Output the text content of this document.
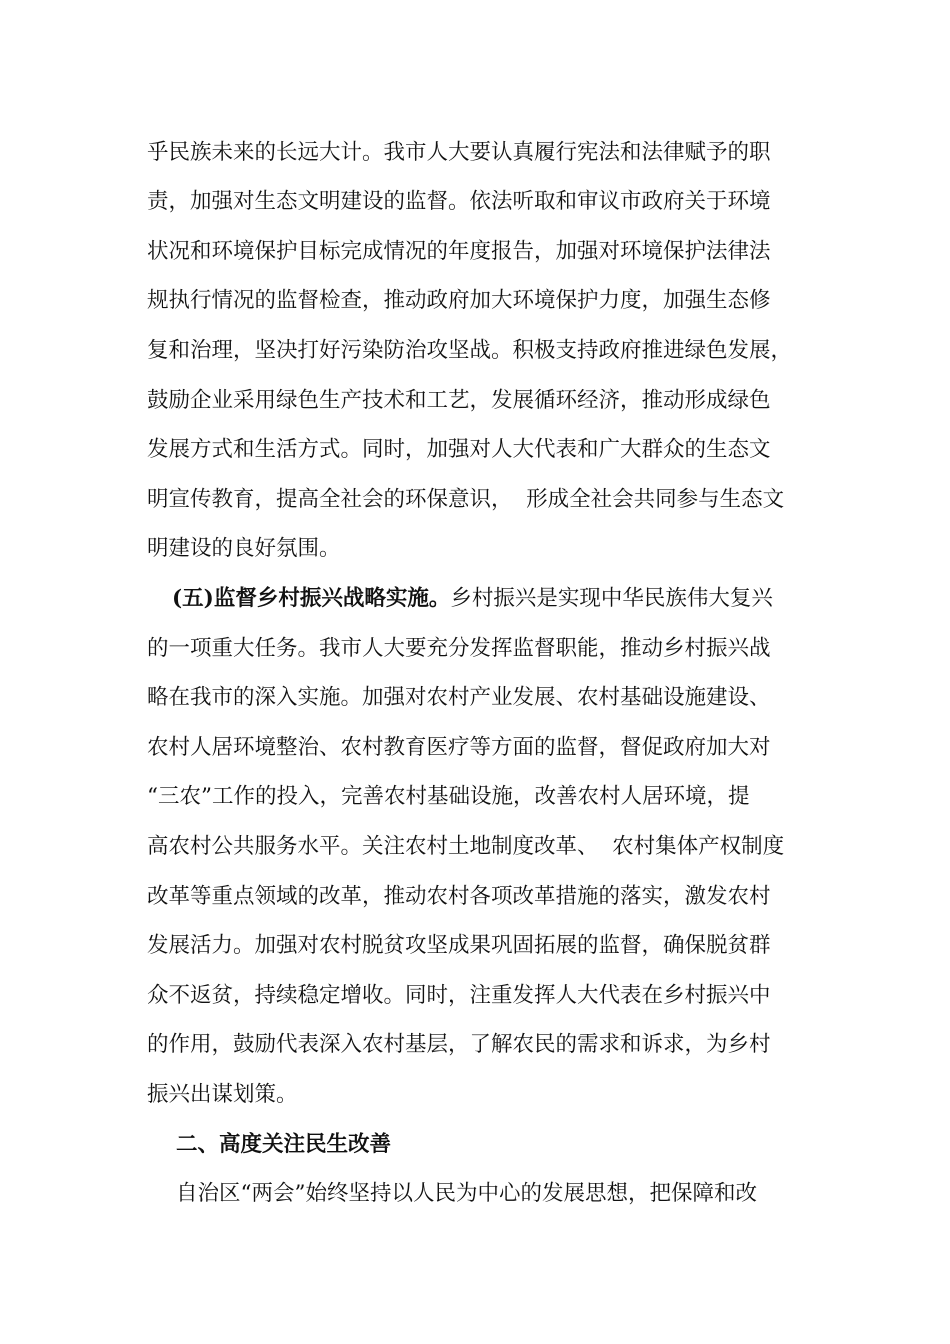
乎民族未来的长远大计。我市人大要认真履行宪法和法律赋予的职

责，加强对生态文明建设的监督。依法听取和审议市政府关于环境

状况和环境保护目标完成情况的年度报告，加强对环境保护法律法

规执行情况的监督检查，推动政府加大环境保护力度，加强生态修

复和治理，坚决打好污染防治攻坚战。积极支持政府推进绿色发展，

鼓励企业采用绿色生产技术和工艺，发展循环经济，推动形成绿色

发展方式和生活方式。同时，加强对人大代表和广大群众的生态文

明宣传教育，提高全社会的环保意识，  形成全社会共同参与生态文

明建设的良好氛围。

(五)监督乡村振兴战略实施。乡村振兴是实现中华民族伟大复兴

的一项重大任务。我市人大要充分发挥监督职能，推动乡村振兴战

略在我市的深入实施。加强对农村产业发展、农村基础设施建设、

农村人居环境整治、农村教育医疗等方面的监督，督促政府加大对

“三农”工作的投入，完善农村基础设施，改善农村人居环境，提

高农村公共服务水平。关注农村土地制度改革、  农村集体产权制度

改革等重点领域的改革，推动农村各项改革措施的落实，激发农村

发展活力。加强对农村脱贫攻坚成果巩固拓展的监督，确保脱贫群

众不返贫，持续稳定增收。同时，注重发挥人大代表在乡村振兴中

的作用，鼓励代表深入农村基层，了解农民的需求和诉求，为乡村

振兴出谋划策。

二、高度关注民生改善

自治区“两会”始终坚持以人民为中心的发展思想，把保障和改
